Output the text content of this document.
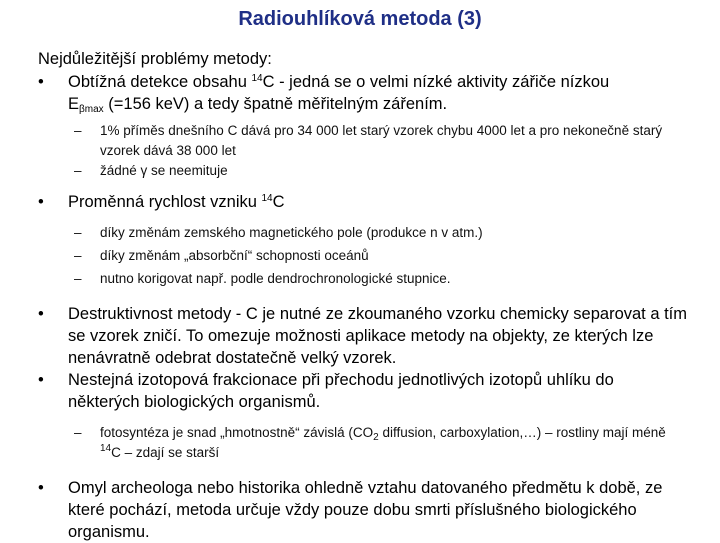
Radiouhlíková metoda (3)
Nejdůležitější problémy metody:
• Obtížná detekce obsahu $^{14}$C - jedná se o velmi nízké aktivity zářiče nízkou
$E_{\beta max}$ (=156 keV) a tedy špatně měřitelným zářením.
– 1% příměs dnešního C dává pro 34 000 let starý vzorek chybu 4000 let a pro nekonečně starý vzorek dává 38 000 let
– žádné γ se neemituje
• Proměnná rychlost vzniku $^{14}$C
– díky změnám zemského magnetického pole (produkce n v atm.)
– díky změnám „absorbční“ schopnosti oceánů
– nutno korigovat např. podle dendrochronologické stupnice.
• Destruktivnost metody - C je nutné ze zkoumaného vzorku chemicky separovat a tím se vzorek zničí. To omezuje možnosti aplikace metody na objekty, ze kterých lze nenávratně odebrat dostatečně velký vzorek.
• Nestejná izotopová frakcionace při přechodu jednotlivých izotopů uhlíku do některých biologických organismů.
– fotosyntéza je snad „hmotnostně“ závislá ($CO_2$ diffusion, carboxylation,…) – rostliny mají méně $^{14}$C – zdají se starší
• Omyl archeologa nebo historika ohledně vztahu datovaného předmětu k době, ze které pochází, metoda určuje vždy pouze dobu smrti příslušného biologického organismu.
